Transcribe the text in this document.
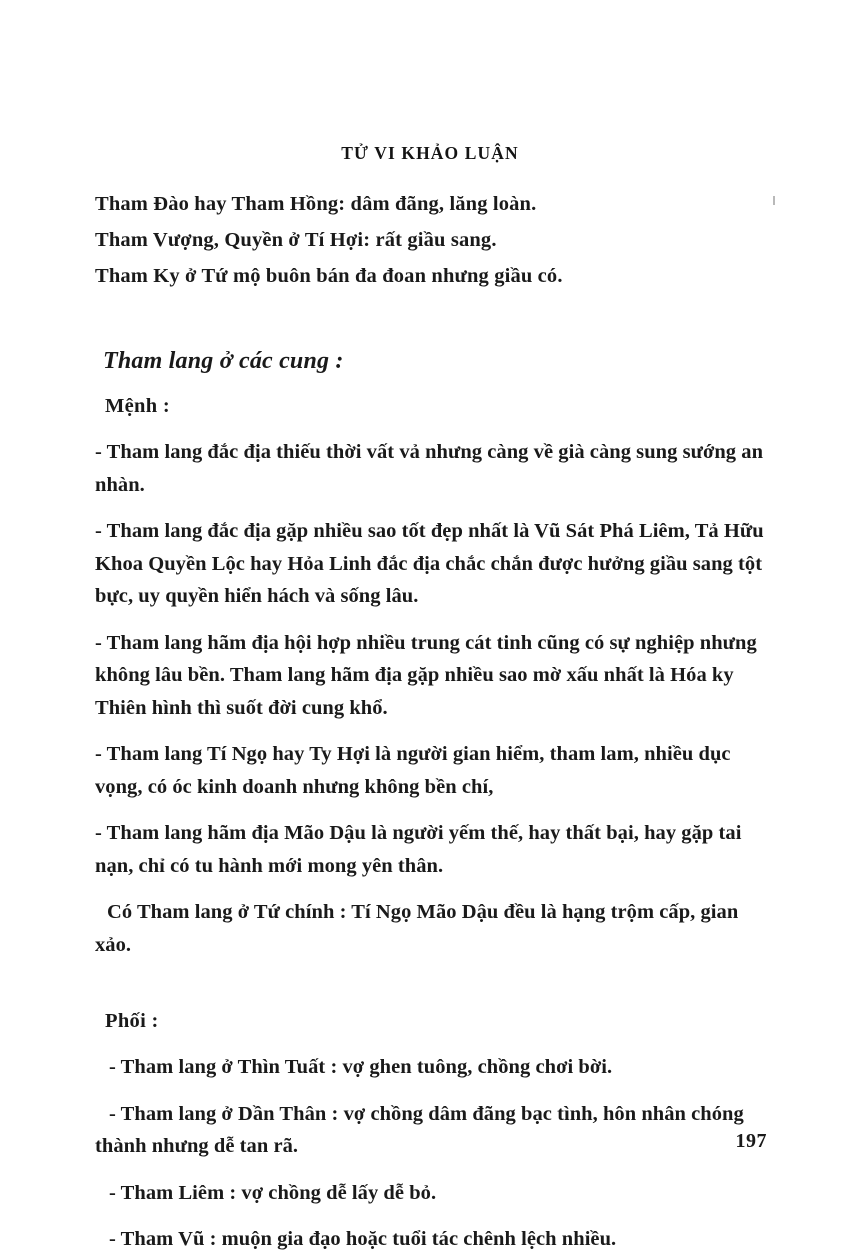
TỬ VI KHẢO LUẬN
Tham Đào hay Tham Hồng: dâm đãng, lăng loàn.
Tham Vượng, Quyền ở Tí Hợi: rất giầu sang.
Tham Ky ở Tứ mộ buôn bán đa đoan nhưng giầu có.
Tham lang ở các cung :
Mệnh :
- Tham lang đắc địa thiếu thời vất vả nhưng càng về già càng sung sướng an nhàn.
- Tham lang đắc địa gặp nhiều sao tốt đẹp nhất là Vũ Sát Phá Liêm, Tả Hữu Khoa Quyền Lộc hay Hỏa Linh đắc địa chắc chắn được hưởng giầu sang tột bực, uy quyền hiển hách và sống lâu.
- Tham lang hãm địa hội hợp nhiều trung cát tinh cũng có sự nghiệp nhưng không lâu bền. Tham lang hãm địa gặp nhiều sao mờ xấu nhất là Hóa ky Thiên hình thì suốt đời cung khổ.
- Tham lang Tí Ngọ hay Ty Hợi là người gian hiểm, tham lam, nhiều dục vọng, có óc kinh doanh nhưng không bền chí,
- Tham lang hãm địa Mão Dậu là người yếm thế, hay thất bại, hay gặp tai nạn, chỉ có tu hành mới mong yên thân.
Có Tham lang ở Tứ chính : Tí Ngọ Mão Dậu đều là hạng trộm cấp, gian xảo.
Phối :
- Tham lang ở Thìn Tuất : vợ ghen tuông, chồng chơi bời.
- Tham lang ở Dần Thân : vợ chồng dâm đãng bạc tình, hôn nhân chóng thành nhưng dễ tan rã.
- Tham Liêm : vợ chồng dễ lấy dễ bỏ.
- Tham Vũ : muộn gia đạo hoặc tuổi tác chênh lệch nhiều.
197
